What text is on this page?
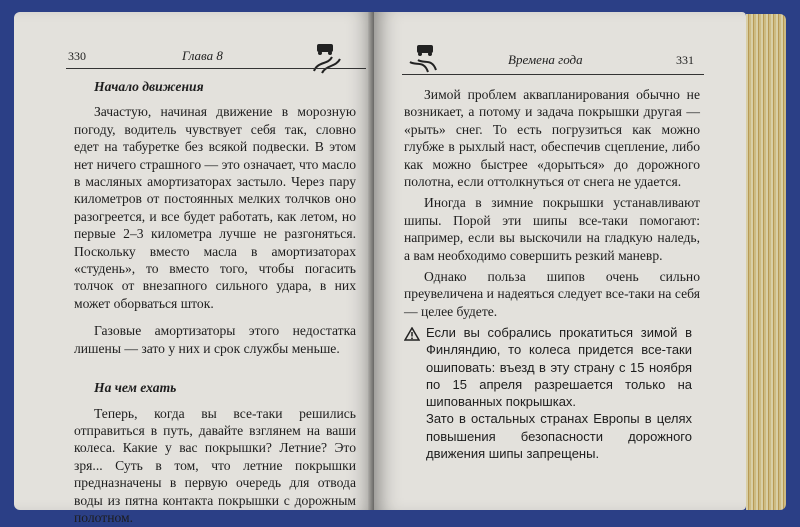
330	Глава 8
Начало движения

Зачастую, начиная движение в морозную погоду, водитель чувствует себя так, словно едет на табуретке без всякой подвески. В этом нет ничего страшного — это означает, что масло в масляных амортизаторах застыло. Через пару километров от постоянных мелких толчков оно разогреется, и все будет работать, как летом, но первые 2–3 километра лучше не разгоняться. Поскольку вместо масла в амортизаторах «студень», то вместо того, чтобы погасить толчок от внезапного сильного удара, в них может оборваться шток.

Газовые амортизаторы этого недостатка лишены — зато у них и срок службы меньше.

На чем ехать

Теперь, когда вы все-таки решились отправиться в путь, давайте взглянем на ваши колеса. Какие у вас покрышки? Летние? Это зря... Суть в том, что летние покрышки предназначены в первую очередь для отвода воды из пятна контакта покрышки с дорожным полотном.

Времена года	331

Зимой проблем аквапланирования обычно не возникает, а потому и задача покрышки другая — «рыть» снег. То есть погрузиться как можно глубже в рыхлый наст, обеспечив сцепление, либо как можно быстрее «дорыться» до дорожного полотна, если оттолкнуться от снега не удается.

Иногда в зимние покрышки устанавливают шипы. Порой эти шипы все-таки помогают: например, если вы выскочили на гладкую наледь, а вам необходимо совершить резкий маневр.

Однако польза шипов очень сильно преувеличена и надеяться следует все-таки на себя — целее будете.

Если вы собрались прокатиться зимой в Финляндию, то колеса придется все-таки ошиповать: въезд в эту страну с 15 ноября по 15 апреля разрешается только на шипованных покрышках.

Зато в остальных странах Европы в целях повышения безопасности дорожного движения шипы запрещены.
